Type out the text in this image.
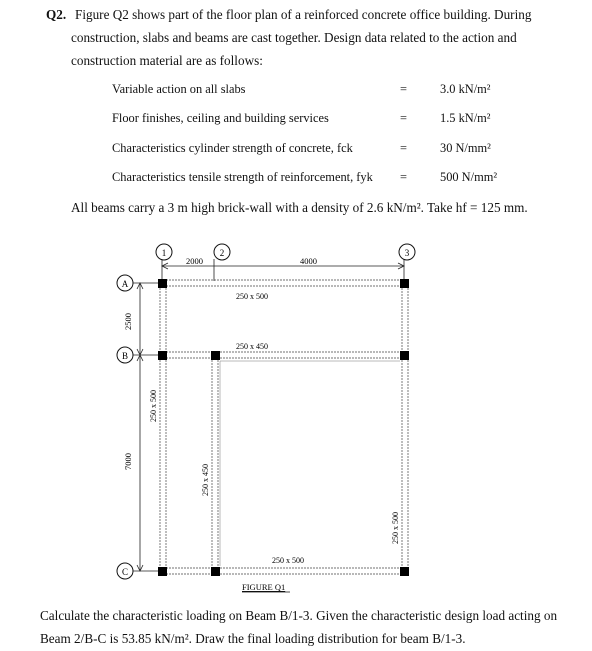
Q2. Figure Q2 shows part of the floor plan of a reinforced concrete office building. During
construction, slabs and beams are cast together. Design data related to the action and
construction material are as follows:
Variable action on all slabs	=	3.0 kN/m²
Floor finishes, ceiling and building services	=	1.5 kN/m²
Characteristics cylinder strength of concrete, fck	=	30 N/mm²
Characteristics tensile strength of reinforcement, fyk =	500 N/mm²
All beams carry a 3 m high brick-wall with a density of 2.6 kN/m². Take hf = 125 mm.
2000	4000
1	2	3
A
B
C
2500
7000
250 x 500
250 x 450
250 x 500
250 x 500
250 x 450
250 x 500
FIGURE Q1
Calculate the characteristic loading on Beam B/1-3. Given the characteristic design load acting on
Beam 2/B-C is 53.85 kN/m². Draw the final loading distribution for beam B/1-3.
